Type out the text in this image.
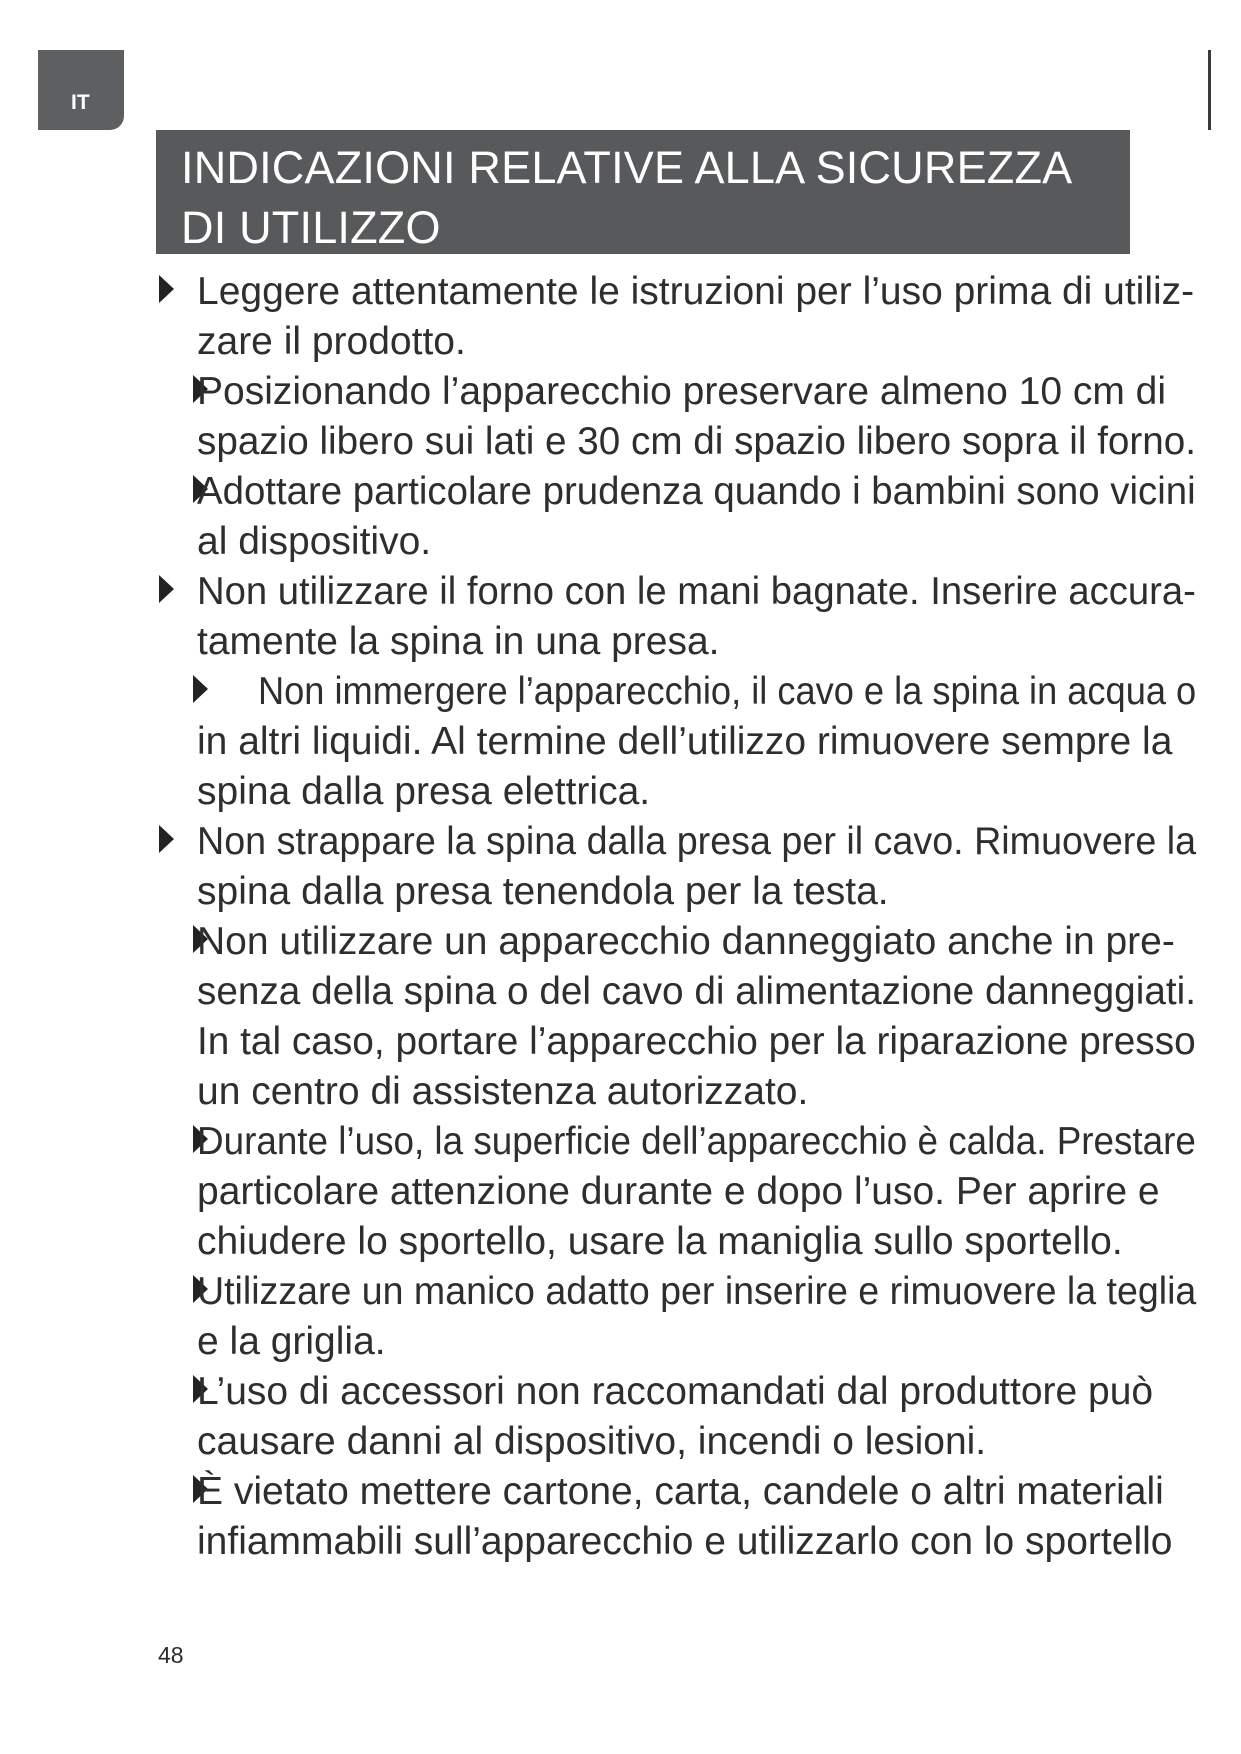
IT
INDICAZIONI RELATIVE ALLA SICUREZZA
DI UTILIZZO
Leggere attentamente le istruzioni per l’uso prima di utiliz-
zare il prodotto.
Posizionando l’apparecchio preservare almeno 10 cm di
spazio libero sui lati e 30 cm di spazio libero sopra il forno.
Adottare particolare prudenza quando i bambini sono vicini
al dispositivo.
Non utilizzare il forno con le mani bagnate. Inserire accura-
tamente la spina in una presa.
Non immergere l’apparecchio, il cavo e la spina in acqua o
in altri liquidi. Al termine dell’utilizzo rimuovere sempre la
spina dalla presa elettrica.
Non strappare la spina dalla presa per il cavo. Rimuovere la
spina dalla presa tenendola per la testa.
Non utilizzare un apparecchio danneggiato anche in pre-
senza della spina o del cavo di alimentazione danneggiati.
In tal caso, portare l’apparecchio per la riparazione presso
un centro di assistenza autorizzato.
Durante l’uso, la superficie dell’apparecchio è calda. Prestare
particolare attenzione durante e dopo l’uso. Per aprire e
chiudere lo sportello, usare la maniglia sullo sportello.
Utilizzare un manico adatto per inserire e rimuovere la teglia
e la griglia.
L’uso di accessori non raccomandati dal produttore può
causare danni al dispositivo, incendi o lesioni.
È vietato mettere cartone, carta, candele o altri materiali
infiammabili sull’apparecchio e utilizzarlo con lo sportello
48
